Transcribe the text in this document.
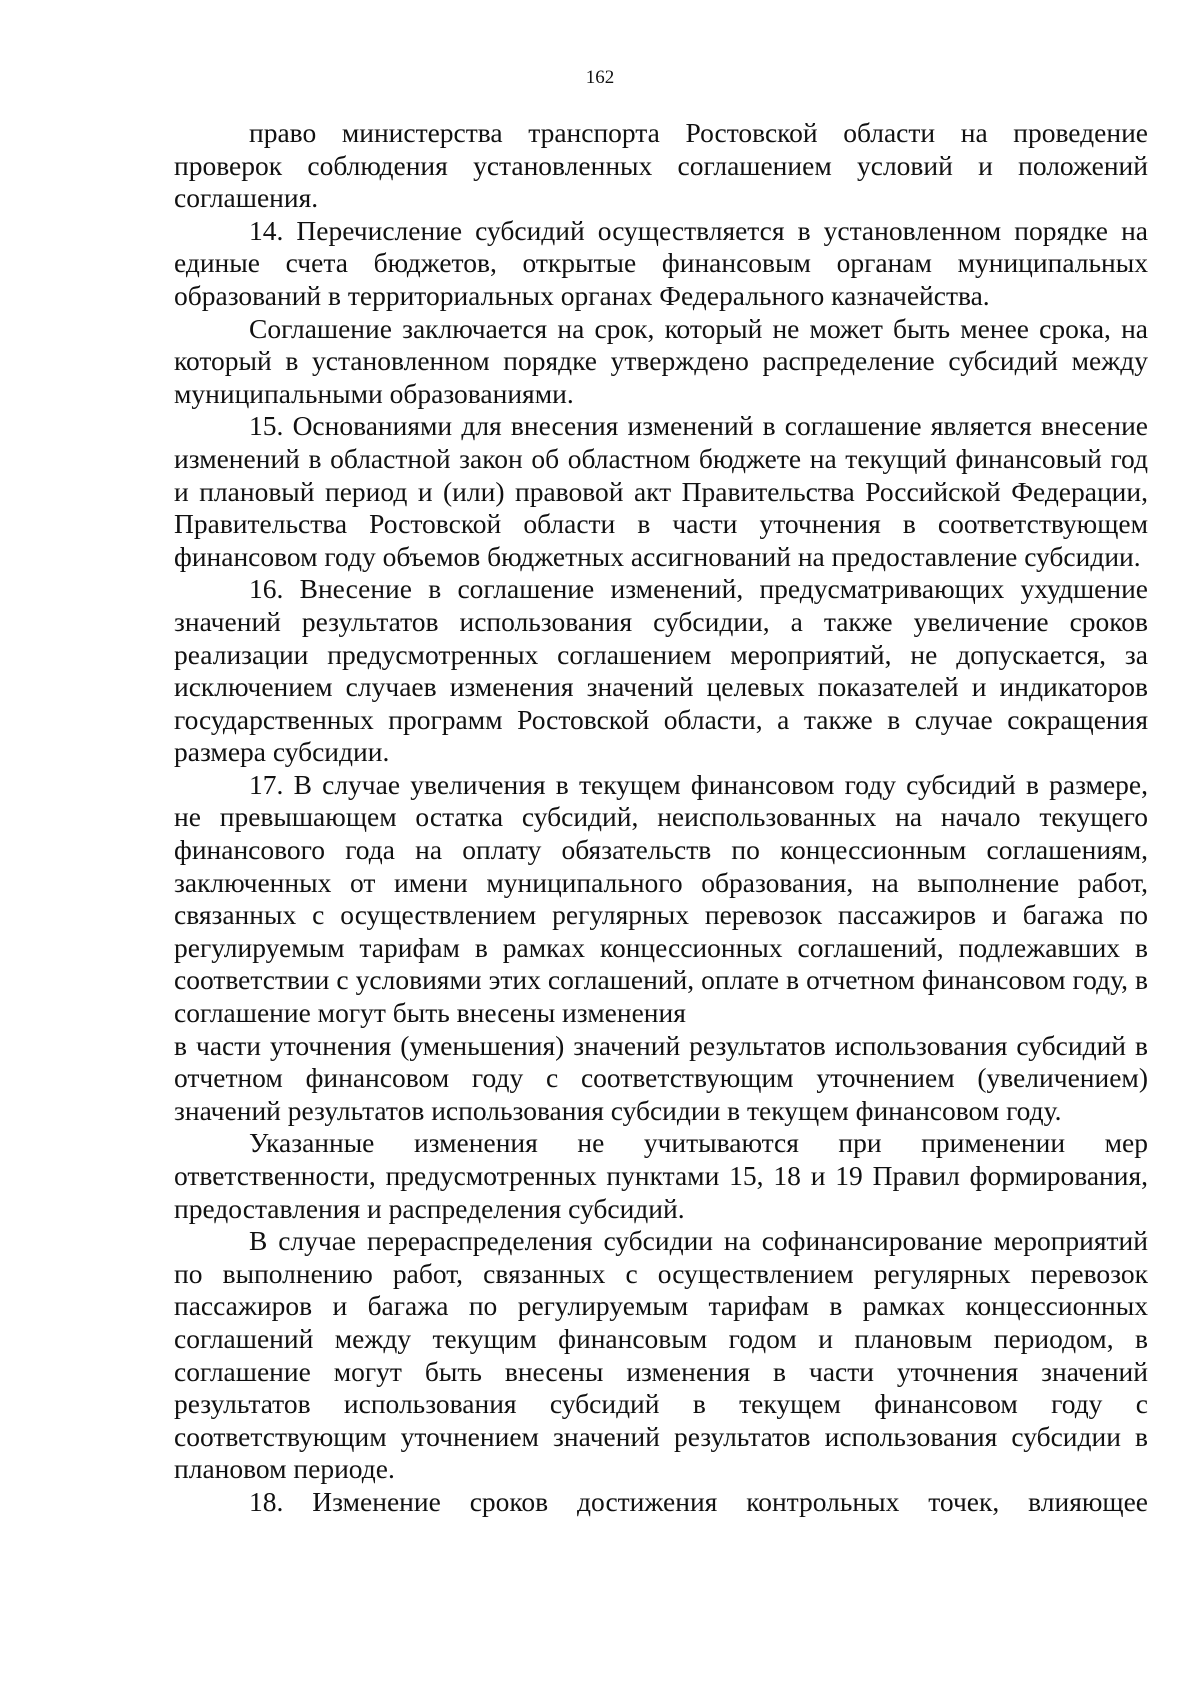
162

право министерства транспорта Ростовской области на проведение проверок соблюдения установленных соглашением условий и положений соглашения.

14. Перечисление субсидий осуществляется в установленном порядке на единые счета бюджетов, открытые финансовым органам муниципальных образований в территориальных органах Федерального казначейства.

Соглашение заключается на срок, который не может быть менее срока, на который в установленном порядке утверждено распределение субсидий между муниципальными образованиями.

15. Основаниями для внесения изменений в соглашение является внесение изменений в областной закон об областном бюджете на текущий финансовый год и плановый период и (или) правовой акт Правительства Российской Федерации, Правительства Ростовской области в части уточнения в соответствующем финансовом году объемов бюджетных ассигнований на предоставление субсидии.

16. Внесение в соглашение изменений, предусматривающих ухудшение значений результатов использования субсидии, а также увеличение сроков реализации предусмотренных соглашением мероприятий, не допускается, за исключением случаев изменения значений целевых показателей и индикаторов государственных программ Ростовской области, а также в случае сокращения размера субсидии.

17. В случае увеличения в текущем финансовом году субсидий в размере, не превышающем остатка субсидий, неиспользованных на начало текущего финансового года на оплату обязательств по концессионным соглашениям, заключенных от имени муниципального образования, на выполнение работ, связанных с осуществлением регулярных перевозок пассажиров и багажа по регулируемым тарифам в рамках концессионных соглашений, подлежавших в соответствии с условиями этих соглашений, оплате в отчетном финансовом году, в соглашение могут быть внесены изменения

в части уточнения (уменьшения) значений результатов использования субсидий в отчетном финансовом году с соответствующим уточнением (увеличением) значений результатов использования субсидии в текущем финансовом году.

Указанные изменения не учитываются при применении мер ответственности, предусмотренных пунктами 15, 18 и 19 Правил формирования, предоставления и распределения субсидий.

В случае перераспределения субсидии на софинансирование мероприятий по выполнению работ, связанных с осуществлением регулярных перевозок пассажиров и багажа по регулируемым тарифам в рамках концессионных соглашений между текущим финансовым годом и плановым периодом, в соглашение могут быть внесены изменения в части уточнения значений результатов использования субсидий в текущем финансовом году с соответствующим уточнением значений результатов использования субсидии в плановом периоде.

18. Изменение сроков достижения контрольных точек, влияющее
